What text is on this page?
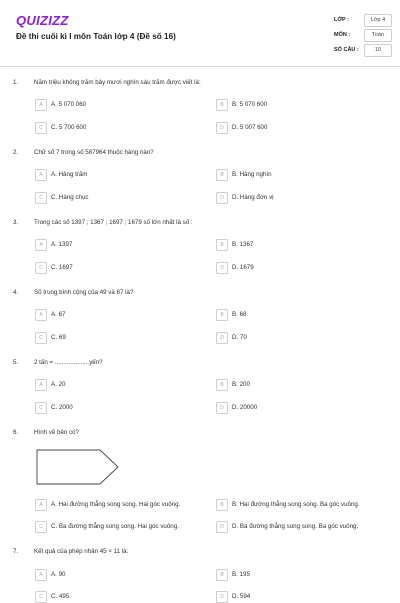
QUIZIZZ
Đề thi cuối kì I môn Toán lớp 4 (Đề số 16)
LỚP :	Lớp 4
MÔN :	Toán
SỐ CÂU :	10
1.	Năm triệu không trăm bảy mươi nghìn sáu trăm được viết là:
A	A. 5 070 060	B	B. 5 070 600
C	C. 5 700 600	D	D. 5 007 600
2.	Chữ số 7 trong số 587964 thuộc hàng nào?
A	A. Hàng trăm	B	B. Hàng nghìn
C	C. Hàng chục	D	D. Hàng đơn vị
3.	Trong các số 1397 ; 1367 ; 1697 ; 1679 số lớn nhất là số :
A	A. 1397	B	B. 1367
C	C. 1697	D	D. 1679
4.	Số trung bình cộng của 49 và 87 là?
A	A. 67	B	B. 68
C	C. 69	D	D. 70
5.	2 tấn = ....................yến?
A	A. 20	B	B. 200
C	C. 2000	D	D. 20000
6.	Hình vẽ bên có?
A	A. Hai đường thẳng song song. Hai góc vuông.	B	B. Hai đường thẳng song song. Ba góc vuông.
C	C. Ba đường thẳng song song. Hai góc vuông.	D	D. Ba đường thẳng song song. Ba góc vuông.
7.	Kết quả của phép nhân 45 × 11 là:
A	A. 90	B	B. 195
C	C. 495	D	D. 594
